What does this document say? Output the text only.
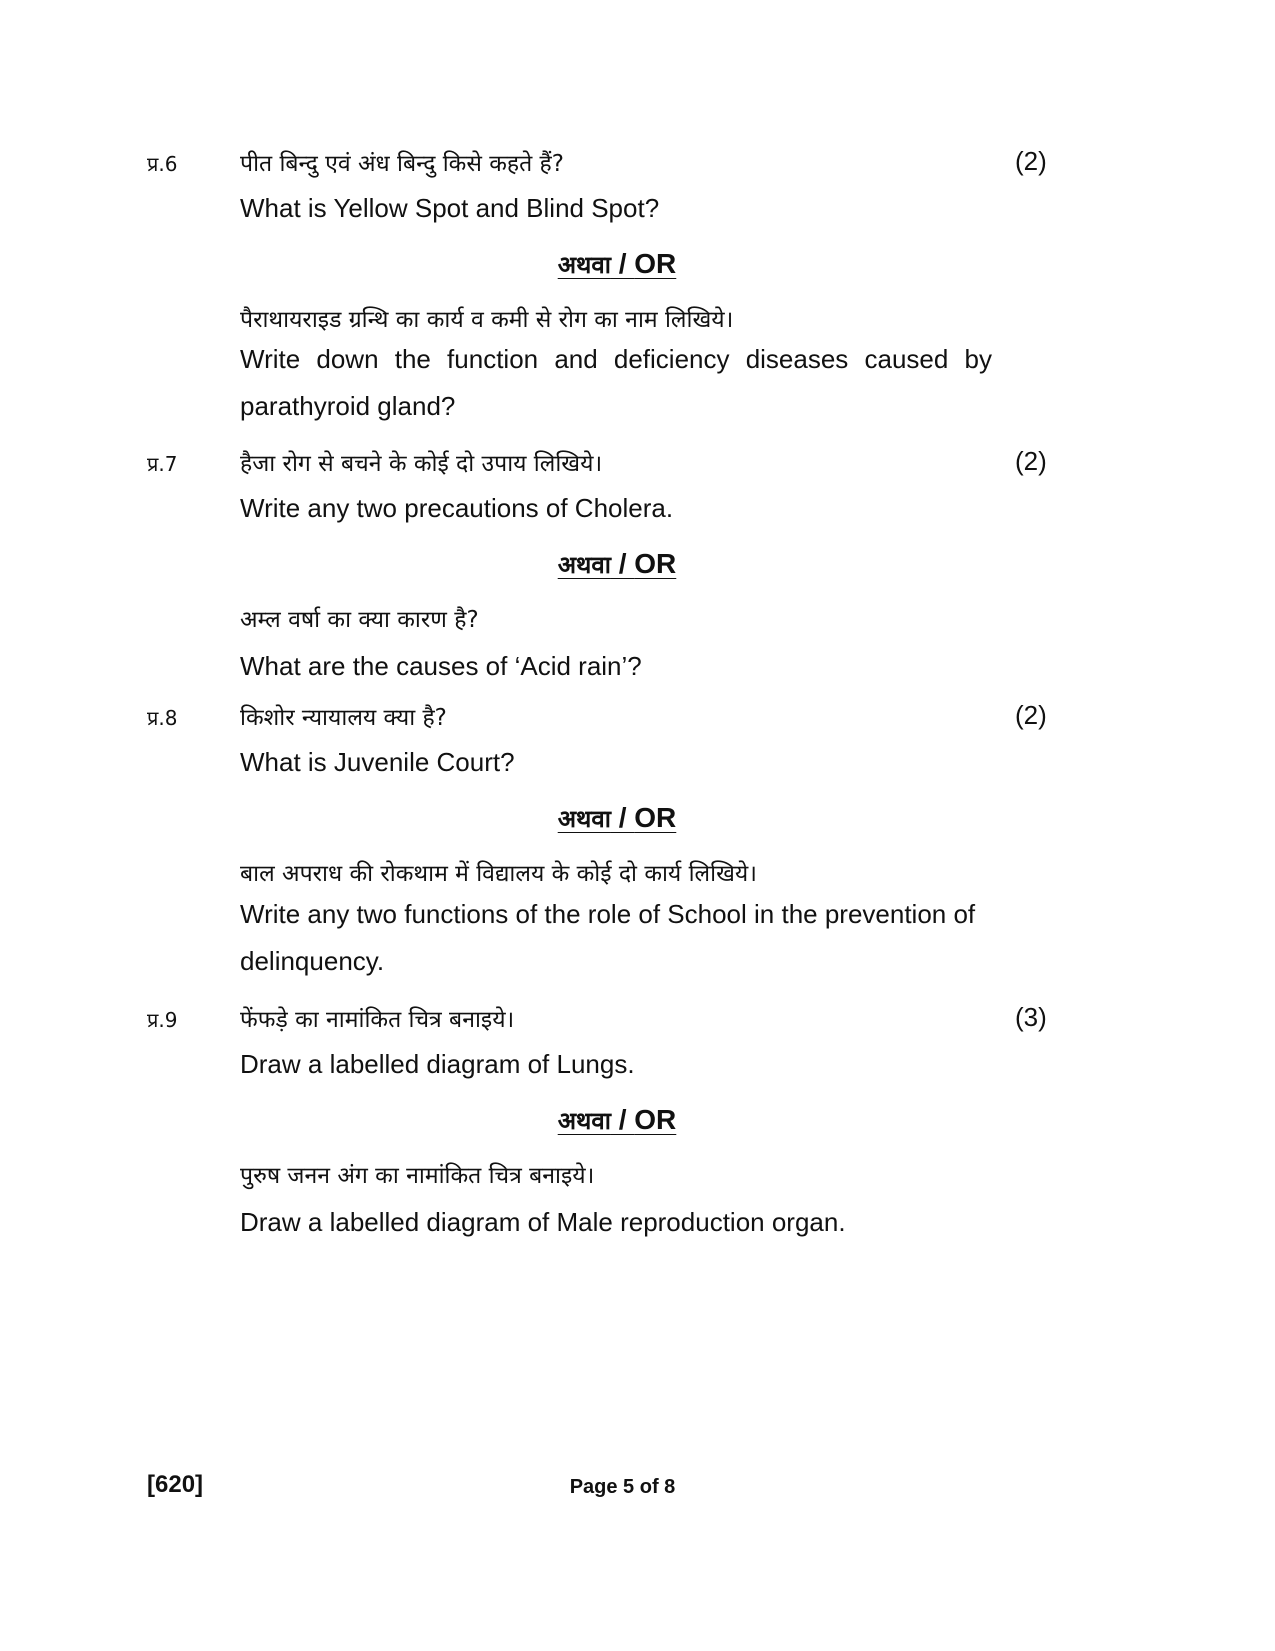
प्र.6	पीत बिन्दु एवं अंध बिन्दु किसे कहते हैं?	(2)
What is Yellow Spot and Blind Spot?
अथवा / OR
पैराथायराइड ग्रन्थि का कार्य व कमी से रोग का नाम लिखिये।
Write down the function and deficiency diseases caused by parathyroid gland?
प्र.7	हैजा रोग से बचने के कोई दो उपाय लिखिये।	(2)
Write any two precautions of Cholera.
अथवा / OR
अम्ल वर्षा का क्या कारण है?
What are the causes of ‘Acid rain’?
प्र.8	किशोर न्यायालय क्या है?	(2)
What is Juvenile Court?
अथवा / OR
बाल अपराध की रोकथाम में विद्यालय के कोई दो कार्य लिखिये।
Write any two functions of the role of School in the prevention of delinquency.
प्र.9	फेंफड़े का नामांकित चित्र बनाइये।	(3)
Draw a labelled diagram of Lungs.
अथवा / OR
पुरुष जनन अंग का नामांकित चित्र बनाइये।
Draw a labelled diagram of Male reproduction organ.
[620]	Page 5 of 8
